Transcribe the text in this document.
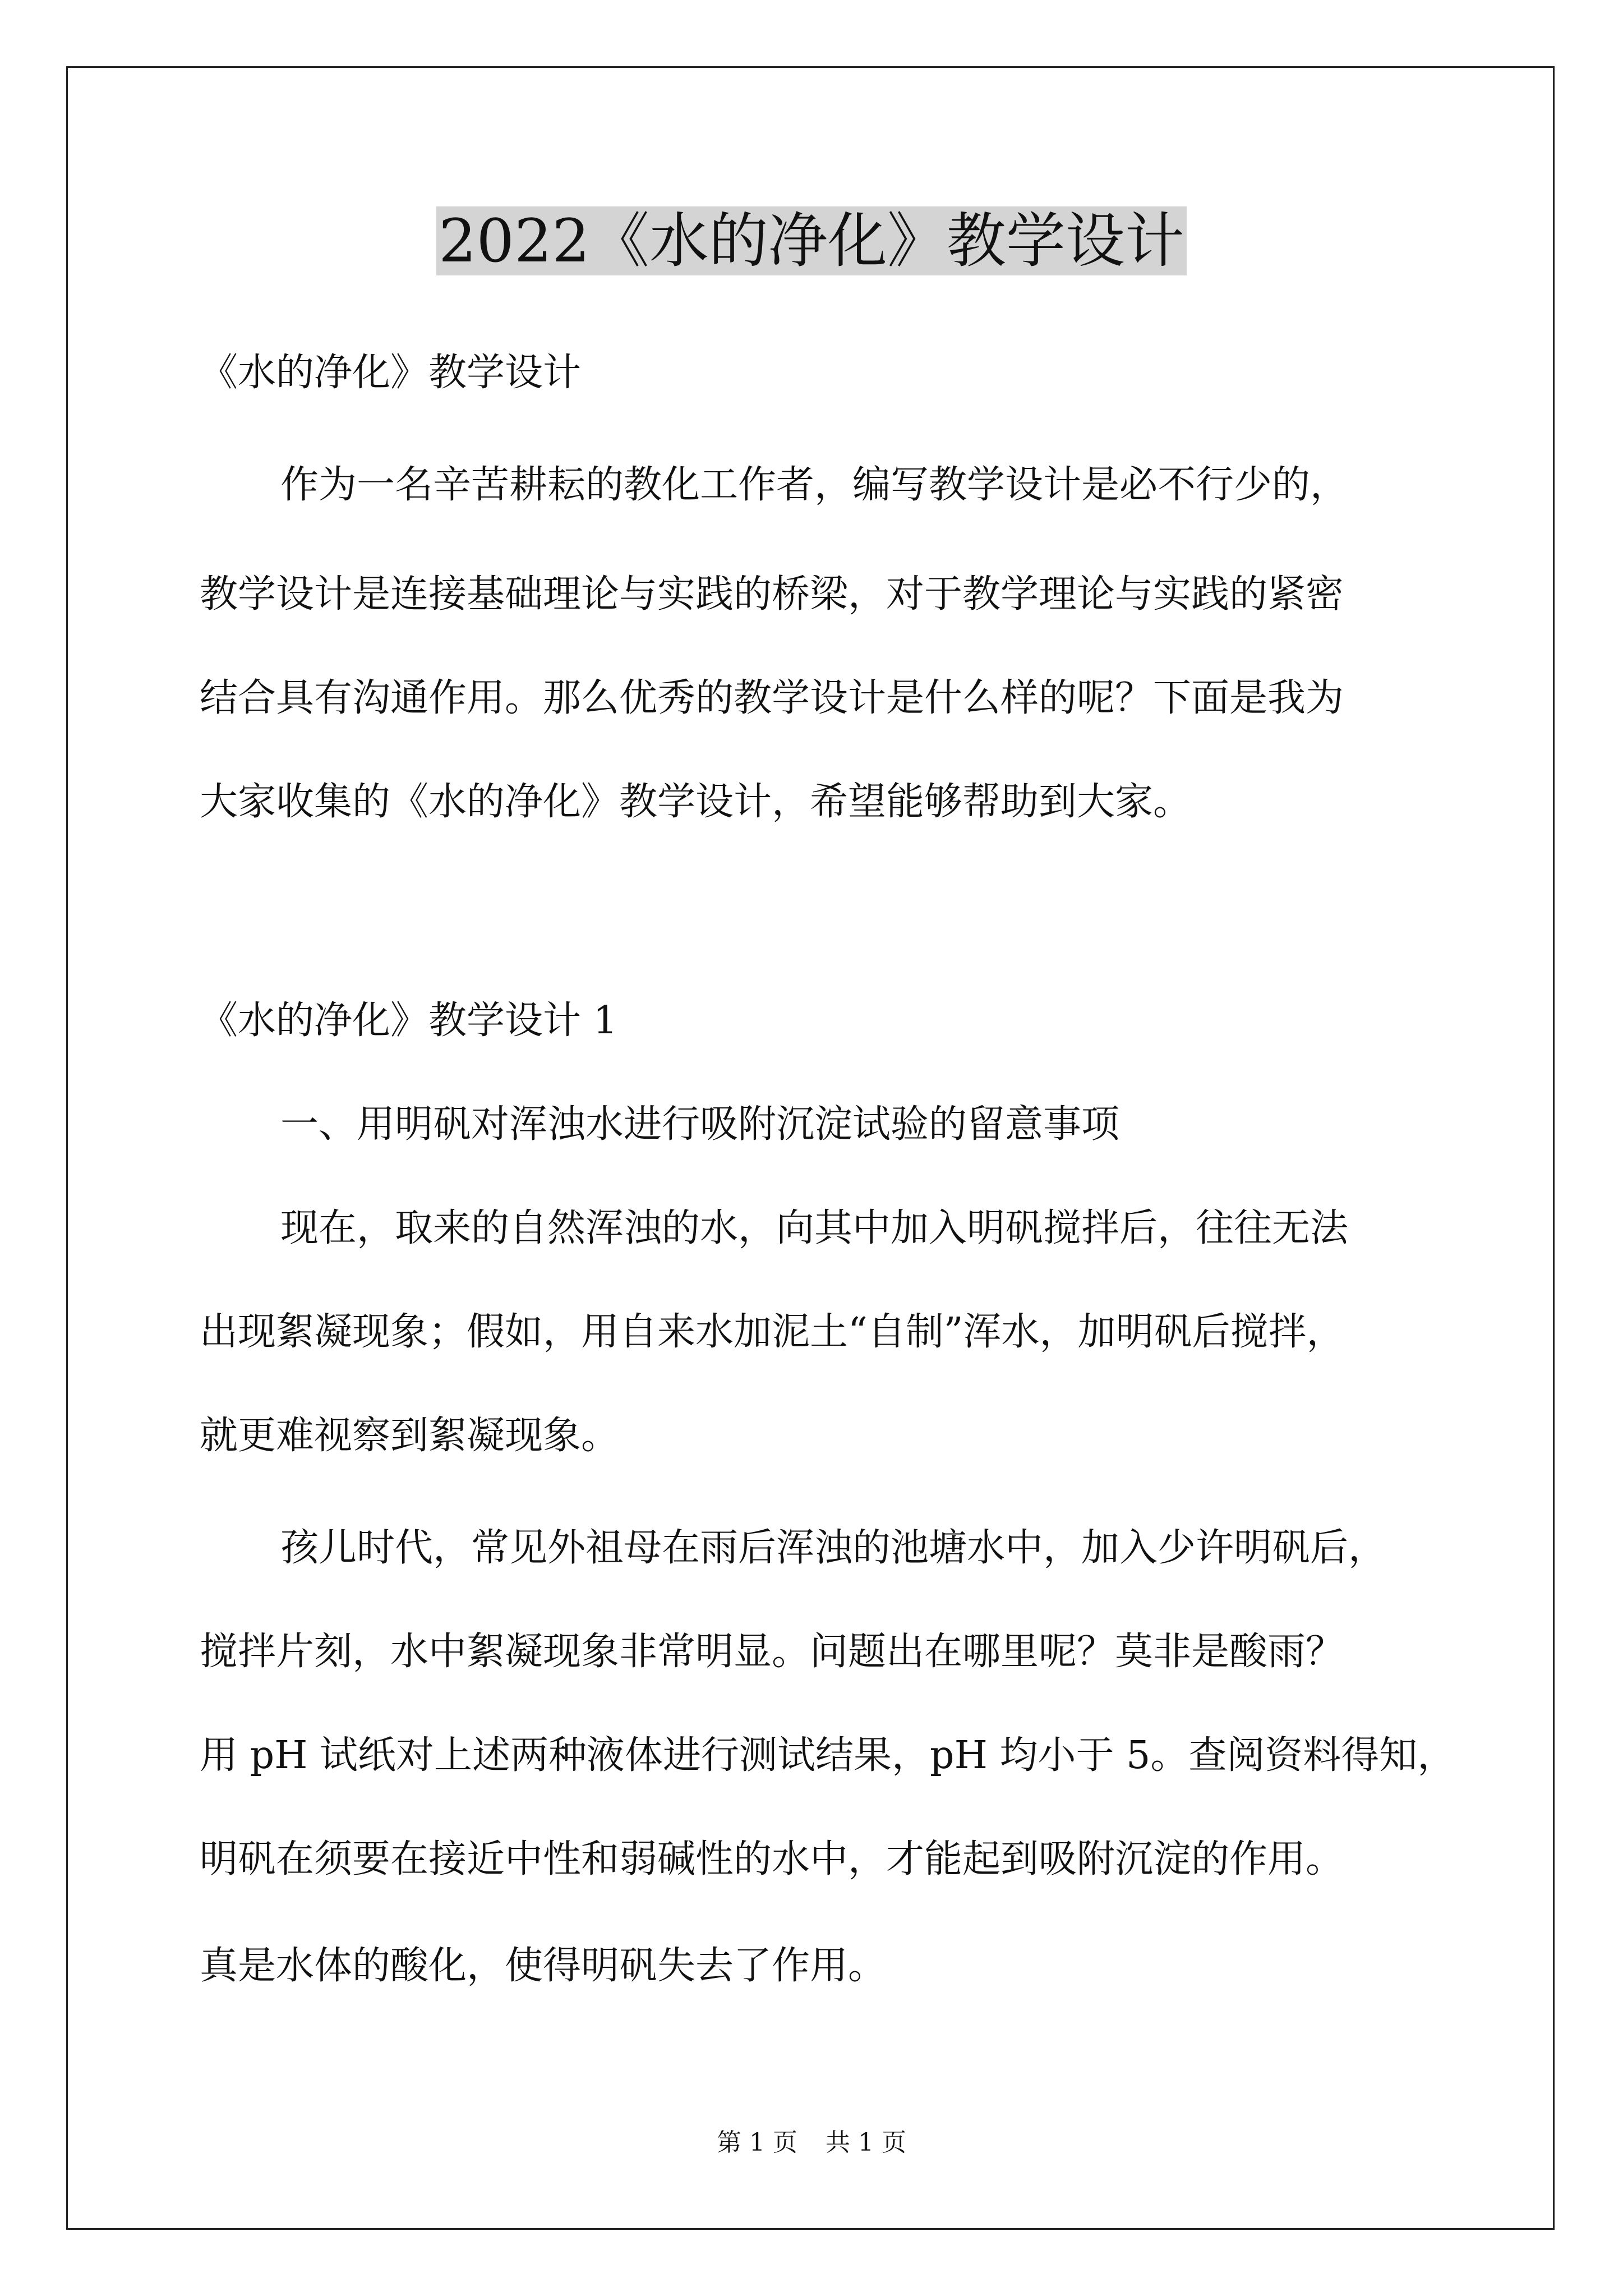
2022《水的净化》教学设计
《水的净化》教学设计
作为一名辛苦耕耘的教化工作者，编写教学设计是必不行少的，
教学设计是连接基础理论与实践的桥梁，对于教学理论与实践的紧密
结合具有沟通作用。那么优秀的教学设计是什么样的呢？下面是我为
大家收集的《水的净化》教学设计，希望能够帮助到大家。
《水的净化》教学设计 1
一、用明矾对浑浊水进行吸附沉淀试验的留意事项
现在，取来的自然浑浊的水，向其中加入明矾搅拌后，往往无法
出现絮凝现象；假如，用自来水加泥土“自制”浑水，加明矾后搅拌，
就更难视察到絮凝现象。
孩儿时代，常见外祖母在雨后浑浊的池塘水中，加入少许明矾后，
搅拌片刻，水中絮凝现象非常明显。问题出在哪里呢？莫非是酸雨？
用 pH 试纸对上述两种液体进行测试结果，pH 均小于 5。查阅资料得知，
明矾在须要在接近中性和弱碱性的水中，才能起到吸附沉淀的作用。
真是水体的酸化，使得明矾失去了作用。
第 1 页 共 1 页
